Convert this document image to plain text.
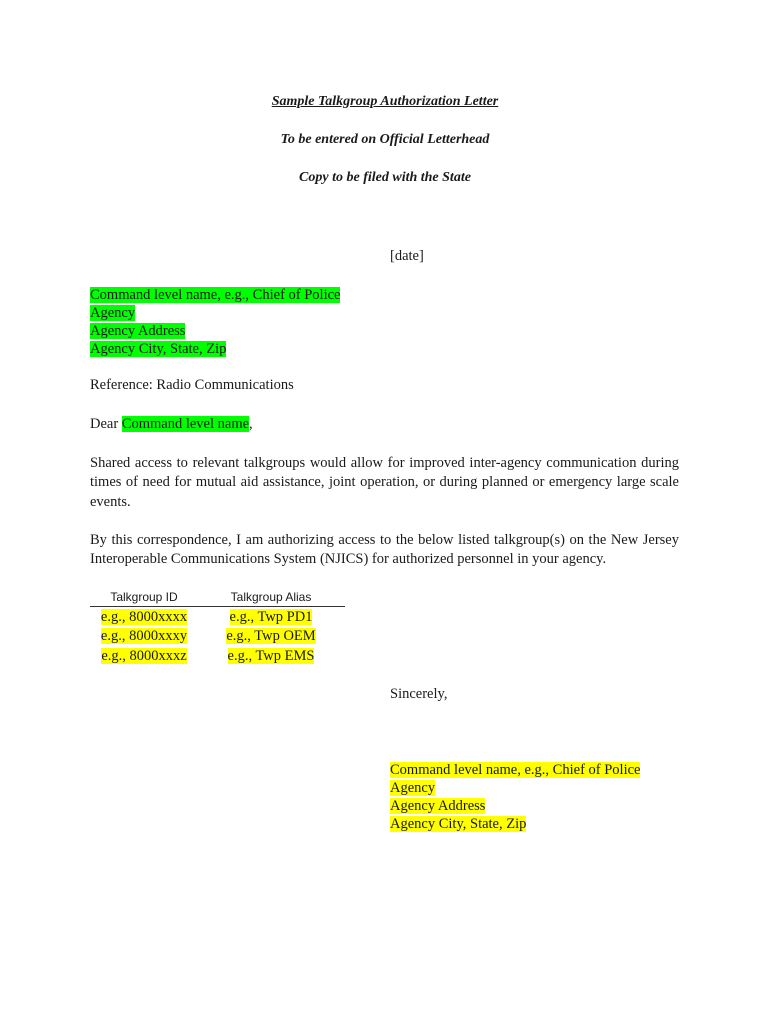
Sample Talkgroup Authorization Letter
To be entered on Official Letterhead
Copy to be filed with the State
[date]
Command level name, e.g., Chief of Police
Agency
Agency Address
Agency City, State, Zip
Reference: Radio Communications
Dear Command level name,
Shared access to relevant talkgroups would allow for improved inter-agency communication during times of need for mutual aid assistance, joint operation, or during planned or emergency large scale events.
By this correspondence, I am authorizing access to the below listed talkgroup(s) on the New Jersey Interoperable Communications System (NJICS) for authorized personnel in your agency.
Talkgroup ID	Talkgroup Alias
e.g., 8000xxxx	e.g., Twp PD1
e.g., 8000xxxy	e.g., Twp OEM
e.g., 8000xxxz	e.g., Twp EMS
Sincerely,
Command level name, e.g., Chief of Police
Agency
Agency Address
Agency City, State, Zip
